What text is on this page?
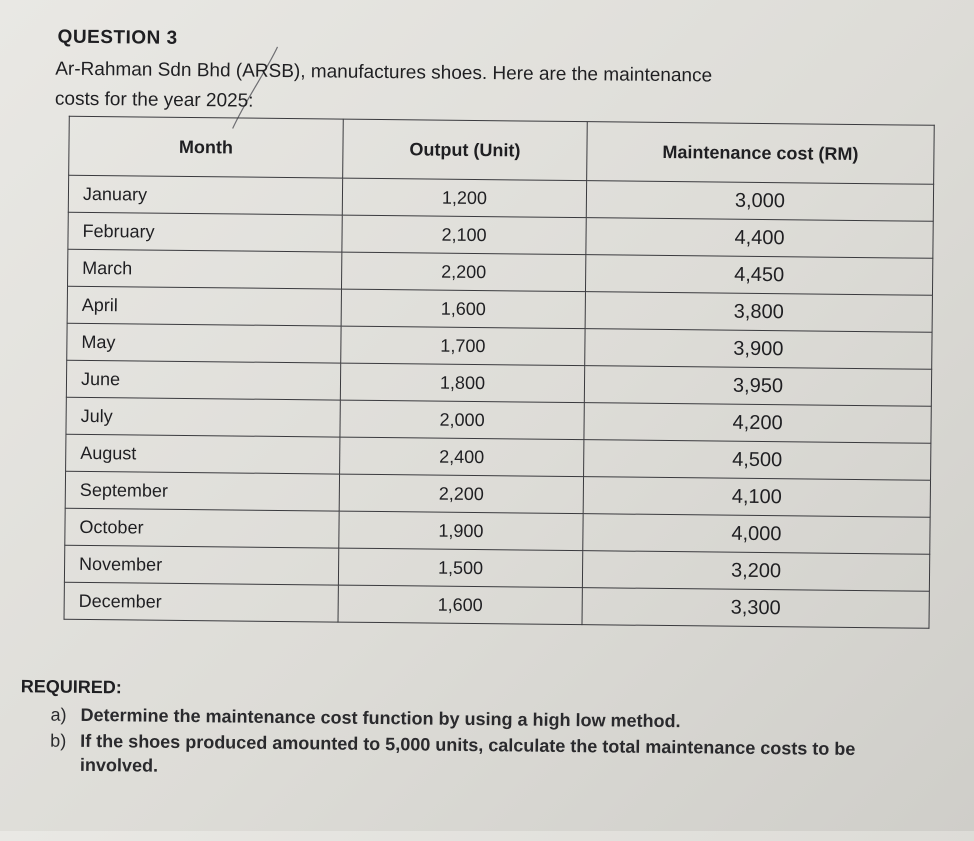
QUESTION 3
Ar-Rahman Sdn Bhd (ARSB), manufactures shoes. Here are the maintenance costs for the year 2025:
Month	Output (Unit)	Maintenance cost (RM)
January	1,200	3,000
February	2,100	4,400
March	2,200	4,450
April	1,600	3,800
May	1,700	3,900
June	1,800	3,950
July	2,000	4,200
August	2,400	4,500
September	2,200	4,100
October	1,900	4,000
November	1,500	3,200
December	1,600	3,300
REQUIRED:
a) Determine the maintenance cost function by using a high low method.
b) If the shoes produced amounted to 5,000 units, calculate the total maintenance costs to be involved.
